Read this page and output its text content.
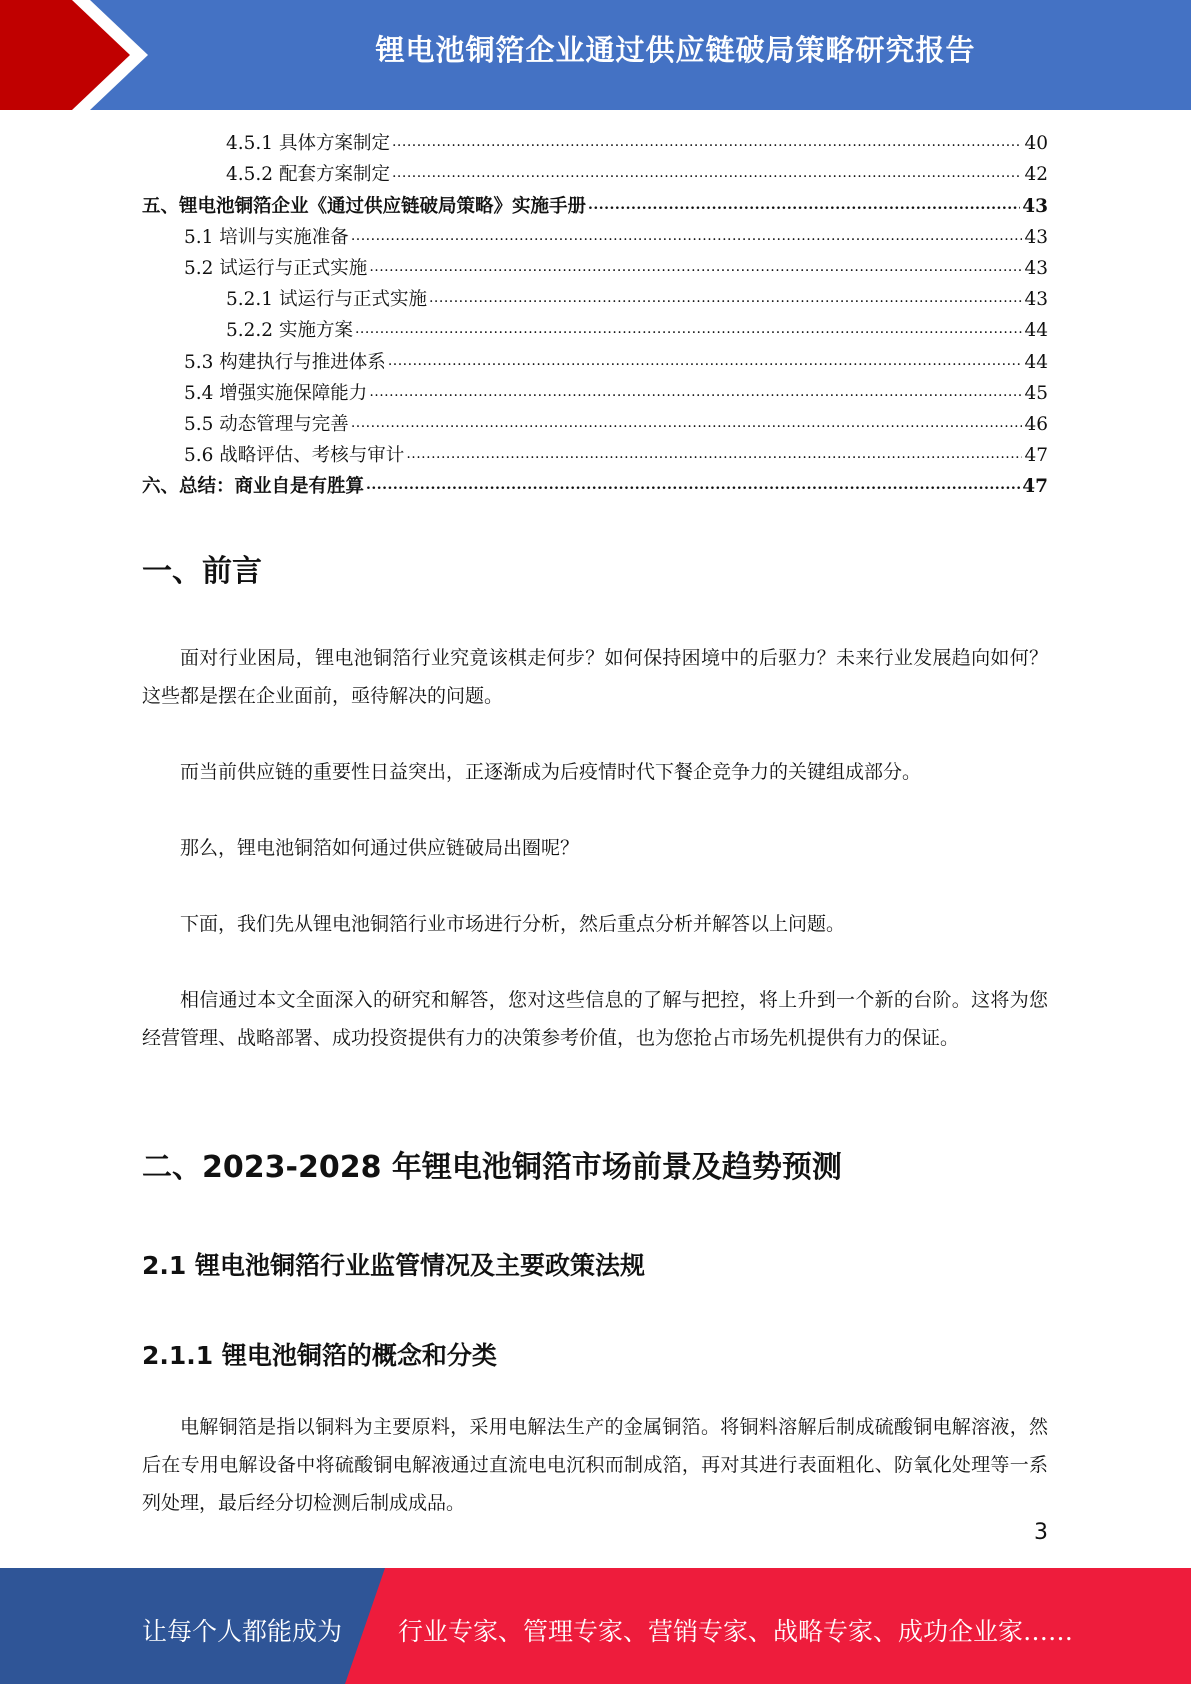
锂电池铜箔企业通过供应链破局策略研究报告
4.5.1 具体方案制定 .....	40
4.5.2 配套方案制定 .....	42
五、锂电池铜箔企业《通过供应链破局策略》实施手册 .....	43
5.1 培训与实施准备 .....	43
5.2 试运行与正式实施 .....	43
5.2.1 试运行与正式实施 .....	43
5.2.2 实施方案 .....	44
5.3 构建执行与推进体系 .....	44
5.4 增强实施保障能力 .....	45
5.5 动态管理与完善 .....	46
5.6 战略评估、考核与审计 .....	47
六、总结：商业自是有胜算 .....	47
一、前言

面对行业困局，锂电池铜箔行业究竟该棋走何步？如何保持困境中的后驱力？未来行业发展趋向如何？这些都是摆在企业面前，亟待解决的问题。

而当前供应链的重要性日益突出，正逐渐成为后疫情时代下餐企竞争力的关键组成部分。

那么，锂电池铜箔如何通过供应链破局出圈呢？

下面，我们先从锂电池铜箔行业市场进行分析，然后重点分析并解答以上问题。

相信通过本文全面深入的研究和解答，您对这些信息的了解与把控，将上升到一个新的台阶。这将为您经营管理、战略部署、成功投资提供有力的决策参考价值，也为您抢占市场先机提供有力的保证。

二、2023-2028 年锂电池铜箔市场前景及趋势预测
2.1 锂电池铜箔行业监管情况及主要政策法规
2.1.1 锂电池铜箔的概念和分类

电解铜箔是指以铜料为主要原料，采用电解法生产的金属铜箔。将铜料溶解后制成硫酸铜电解溶液，然后在专用电解设备中将硫酸铜电解液通过直流电电沉积而制成箔，再对其进行表面粗化、防氧化处理等一系列处理，最后经分切检测后制成成品。

3
让每个人都能成为 行业专家、管理专家、营销专家、战略专家、成功企业家……
